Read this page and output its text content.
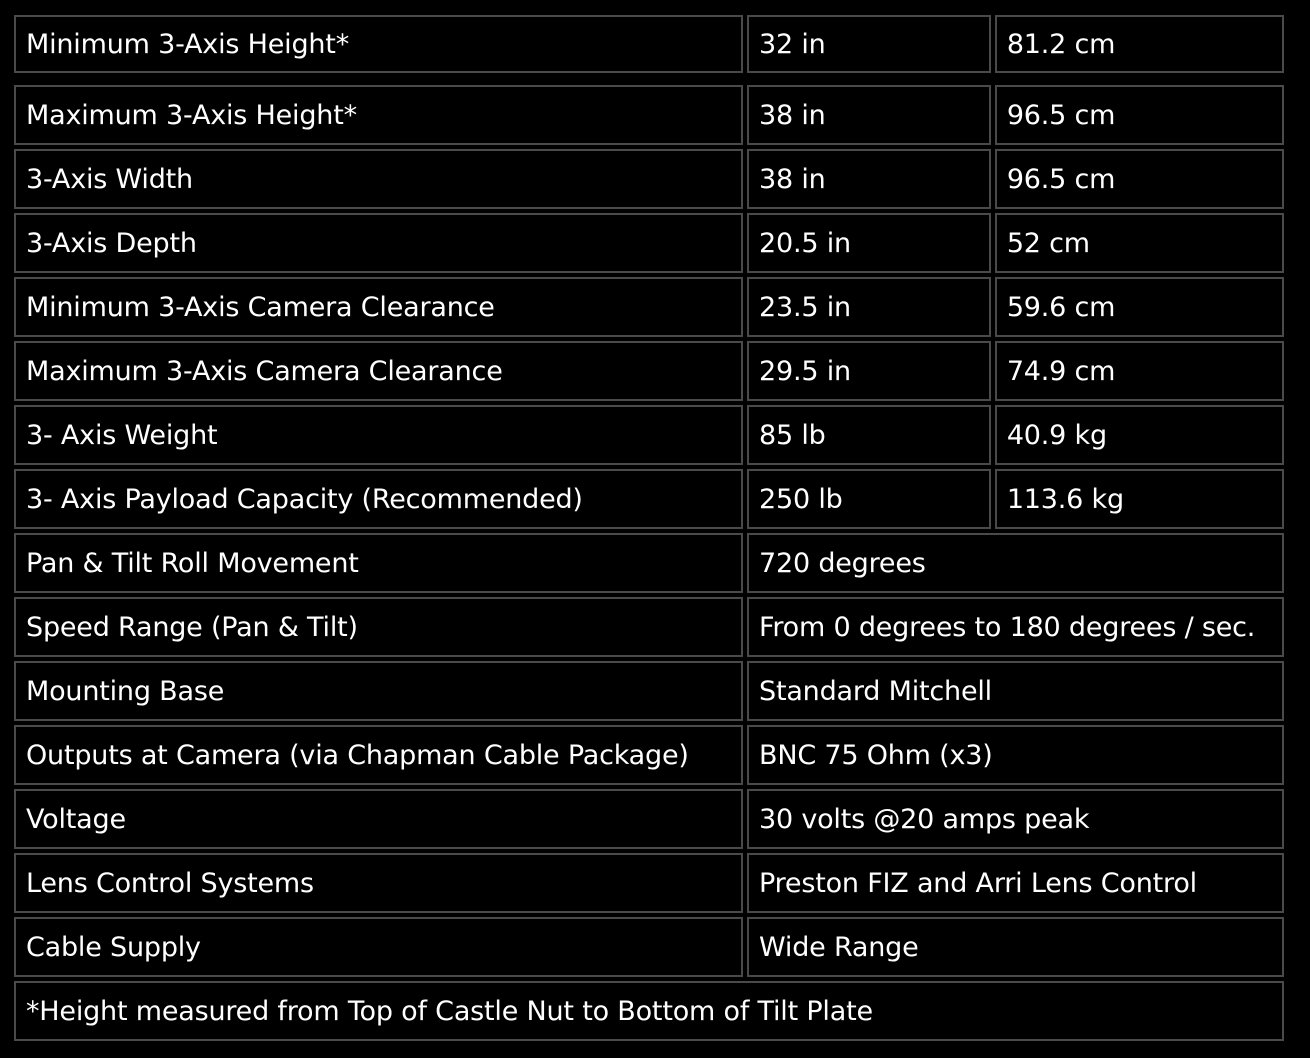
Minimum 3-Axis Height*	32 in	81.2 cm

Maximum 3-Axis Height*	38 in	96.5 cm
3-Axis Width	38 in	96.5 cm
3-Axis Depth	20.5 in	52 cm
Minimum 3-Axis Camera Clearance	23.5 in	59.6 cm
Maximum 3-Axis Camera Clearance	29.5 in	74.9 cm
3- Axis Weight	85 lb	40.9 kg
3- Axis Payload Capacity (Recommended)	250 lb	113.6 kg
Pan & Tilt Roll Movement	720 degrees	
Speed Range (Pan & Tilt)	From 0 degrees to 180 degrees / sec.	
Mounting Base	Standard Mitchell	
Outputs at Camera (via Chapman Cable Package)	BNC 75 Ohm (x3)	
Voltage	30 volts @20 amps peak	
Lens Control Systems	Preston FIZ and Arri Lens Control	
Cable Supply	Wide Range	
*Height measured from Top of Castle Nut to Bottom of Tilt Plate		
